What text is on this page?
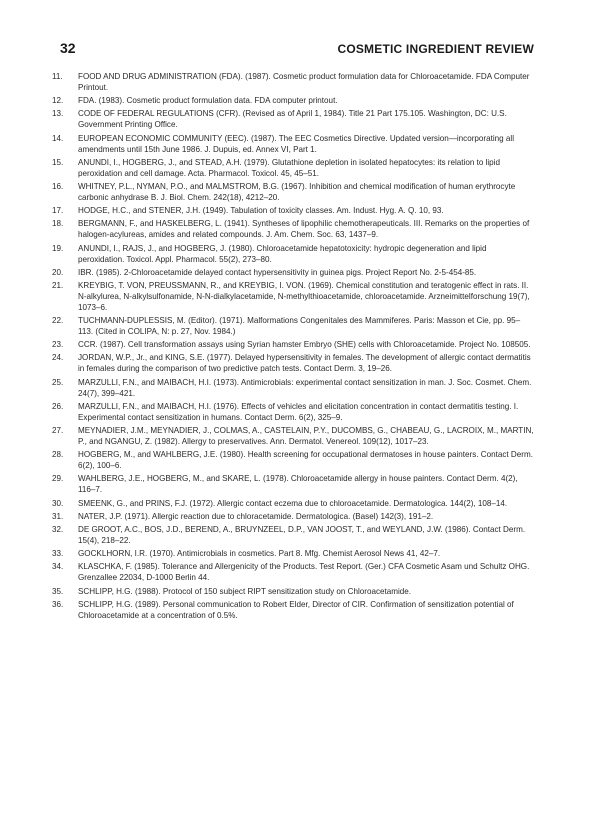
32	COSMETIC INGREDIENT REVIEW
11.	FOOD AND DRUG ADMINISTRATION (FDA). (1987). Cosmetic product formulation data for Chloroacetamide. FDA Computer Printout.
12.	FDA. (1983). Cosmetic product formulation data. FDA computer printout.
13.	CODE OF FEDERAL REGULATIONS (CFR). (Revised as of April 1, 1984). Title 21 Part 175.105. Washington, DC: U.S. Government Printing Office.
14.	EUROPEAN ECONOMIC COMMUNITY (EEC). (1987). The EEC Cosmetics Directive. Updated version—incorporating all amendments until 15th June 1986. J. Dupuis, ed. Annex VI, Part 1.
15.	ANUNDI, I., HOGBERG, J., and STEAD, A.H. (1979). Glutathione depletion in isolated hepatocytes: its relation to lipid peroxidation and cell damage. Acta. Pharmacol. Toxicol. 45, 45–51.
16.	WHITNEY, P.L., NYMAN, P.O., and MALMSTROM, B.G. (1967). Inhibition and chemical modification of human erythrocyte carbonic anhydrase B. J. Biol. Chem. 242(18), 4212–20.
17.	HODGE, H.C., and STENER, J.H. (1949). Tabulation of toxicity classes. Am. Indust. Hyg. A. Q. 10, 93.
18.	BERGMANN, F., and HASKELBERG, L. (1941). Syntheses of lipophilic chemotherapeuticals. III. Remarks on the properties of halogen-acylureas, amides and related compounds. J. Am. Chem. Soc. 63, 1437–9.
19.	ANUNDI, I., RAJS, J., and HOGBERG, J. (1980). Chloroacetamide hepatotoxicity: hydropic degeneration and lipid peroxidation. Toxicol. Appl. Pharmacol. 55(2), 273–80.
20.	IBR. (1985). 2-Chloroacetamide delayed contact hypersensitivity in guinea pigs. Project Report No. 2-5-454-85.
21.	KREYBIG, T. VON, PREUSSMANN, R., and KREYBIG, I. VON. (1969). Chemical constitution and teratogenic effect in rats. II. N-alkylurea, N-alkylsulfonamide, N-N-dialkylacetamide, N-methylthioacetamide, chloroacetamide. Arzneimittelforschung 19(7), 1073–6.
22.	TUCHMANN-DUPLESSIS, M. (Editor). (1971). Malformations Congenitales des Mammiferes. Paris: Masson et Cie, pp. 95–113. (Cited in COLIPA, N: p. 27, Nov. 1984.)
23.	CCR. (1987). Cell transformation assays using Syrian hamster Embryo (SHE) cells with Chloroacetamide. Project No. 108505.
24.	JORDAN, W.P., Jr., and KING, S.E. (1977). Delayed hypersensitivity in females. The development of allergic contact dermatitis in females during the comparison of two predictive patch tests. Contact Derm. 3, 19–26.
25.	MARZULLI, F.N., and MAIBACH, H.I. (1973). Antimicrobials: experimental contact sensitization in man. J. Soc. Cosmet. Chem. 24(7), 399–421.
26.	MARZULLI, F.N., and MAIBACH, H.I. (1976). Effects of vehicles and elicitation concentration in contact dermatitis testing. I. Experimental contact sensitization in humans. Contact Derm. 6(2), 325–9.
27.	MEYNADIER, J.M., MEYNADIER, J., COLMAS, A., CASTELAIN, P.Y., DUCOMBS, G., CHABEAU, G., LACROIX, M., MARTIN, P., and NGANGU, Z. (1982). Allergy to preservatives. Ann. Dermatol. Venereol. 109(12), 1017–23.
28.	HOGBERG, M., and WAHLBERG, J.E. (1980). Health screening for occupational dermatoses in house painters. Contact Derm. 6(2), 100–6.
29.	WAHLBERG, J.E., HOGBERG, M., and SKARE, L. (1978). Chloroacetamide allergy in house painters. Contact Derm. 4(2), 116–7.
30.	SMEENK, G., and PRINS, F.J. (1972). Allergic contact eczema due to chloroacetamide. Dermatologica. 144(2), 108–14.
31.	NATER, J.P. (1971). Allergic reaction due to chloracetamide. Dermatologica. (Basel) 142(3), 191–2.
32.	DE GROOT, A.C., BOS, J.D., BEREND, A., BRUYNZEEL, D.P., VAN JOOST, T., and WEYLAND, J.W. (1986). Contact Derm. 15(4), 218–22.
33.	GOCKLHORN, I.R. (1970). Antimicrobials in cosmetics. Part 8. Mfg. Chemist Aerosol News 41, 42–7.
34.	KLASCHKA, F. (1985). Tolerance and Allergenicity of the Products. Test Report. (Ger.) CFA Cosmetic Asam und Schultz OHG. Grenzallee 22034, D-1000 Berlin 44.
35.	SCHLIPP, H.G. (1988). Protocol of 150 subject RIPT sensitization study on Chloroacetamide.
36.	SCHLIPP, H.G. (1989). Personal communication to Robert Elder, Director of CIR. Confirmation of sensitization potential of Chloroacetamide at a concentration of 0.5%.
